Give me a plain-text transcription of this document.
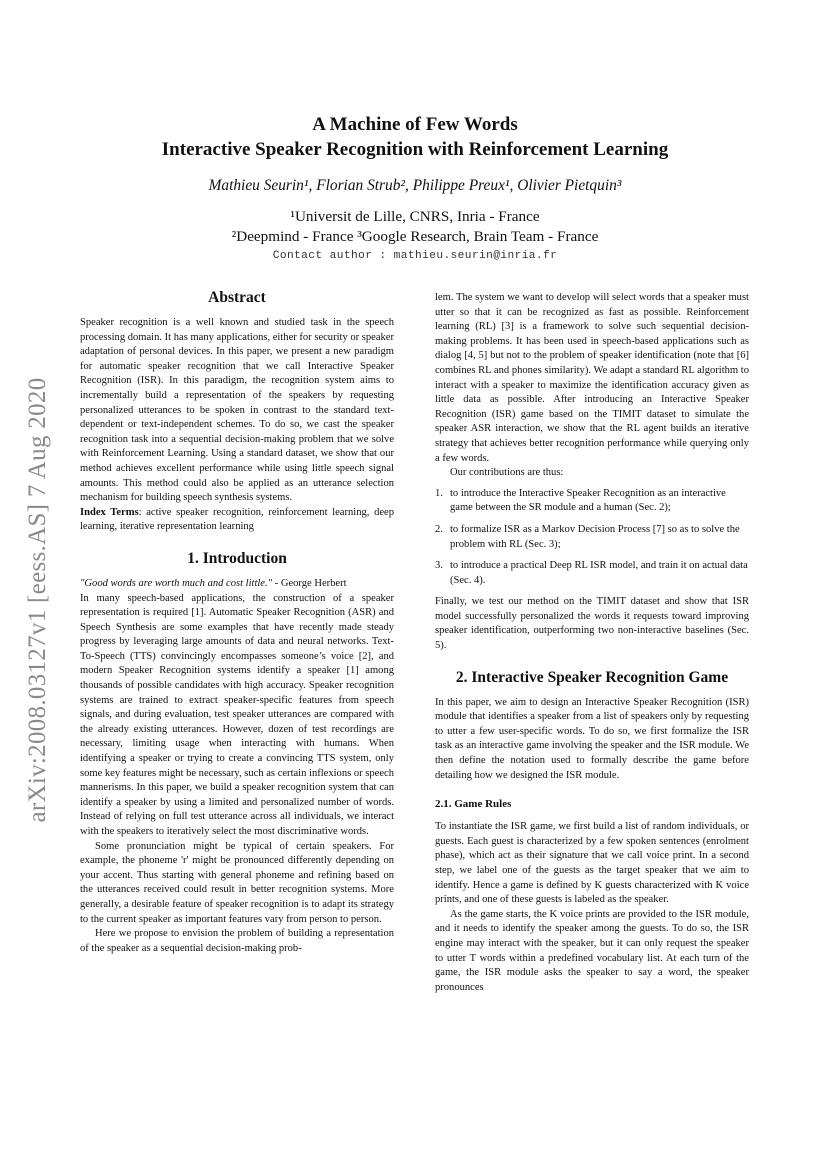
arXiv:2008.03127v1 [eess.AS] 7 Aug 2020
A Machine of Few Words
Interactive Speaker Recognition with Reinforcement Learning
Mathieu Seurin¹, Florian Strub², Philippe Preux¹, Olivier Pietquin³
¹Universit de Lille, CNRS, Inria - France
²Deepmind - France ³Google Research, Brain Team - France
Contact author : mathieu.seurin@inria.fr
Abstract

Speaker recognition is a well known and studied task in the speech processing domain. It has many applications, either for security or speaker adaptation of personal devices. In this paper, we present a new paradigm for automatic speaker recognition that we call Interactive Speaker Recognition (ISR). In this paradigm, the recognition system aims to incrementally build a representation of the speakers by requesting personalized utterances to be spoken in contrast to the standard text-dependent or text-independent schemes. To do so, we cast the speaker recognition task into a sequential decision-making problem that we solve with Reinforcement Learning. Using a standard dataset, we show that our method achieves excellent performance while using little speech signal amounts. This method could also be applied as an utterance selection mechanism for building speech synthesis systems.

Index Terms: active speaker recognition, reinforcement learning, deep learning, iterative representation learning

1. Introduction

"Good words are worth much and cost little." - George Herbert

In many speech-based applications, the construction of a speaker representation is required [1]. Automatic Speaker Recognition (ASR) and Speech Synthesis are some examples that have recently made steady progress by leveraging large amounts of data and neural networks. Text-To-Speech (TTS) convincingly encompasses someone’s voice [2], and modern Speaker Recognition systems identify a speaker [1] among thousands of possible candidates with high accuracy. Speaker recognition systems are trained to extract speaker-specific features from speech signals, and during evaluation, test speaker utterances are compared with the already existing utterances. However, dozen of test recordings are necessary, limiting usage when interacting with humans. When identifying a speaker or trying to create a convincing TTS system, only some key features might be necessary, such as certain inflexions or speech mannerisms. In this paper, we build a speaker recognition system that can identify a speaker by using a limited and personalized number of words. Instead of relying on full test utterance across all individuals, we interact with the speakers to iteratively select the most discriminative words.

Some pronunciation might be typical of certain speakers. For example, the phoneme 'r' might be pronounced differently depending on your accent. Thus starting with general phoneme and refining based on the utterances received could result in better recognition systems. More generally, a desirable feature of speaker recognition is to adapt its strategy to the current speaker as important features vary from person to person.

Here we propose to envision the problem of building a representation of the speaker as a sequential decision-making prob-

lem. The system we want to develop will select words that a speaker must utter so that it can be recognized as fast as possible. Reinforcement learning (RL) [3] is a framework to solve such sequential decision-making problems. It has been used in speech-based applications such as dialog [4, 5] but not to the problem of speaker identification (note that [6] combines RL and phones similarity). We adapt a standard RL algorithm to interact with a speaker to maximize the identification accuracy given as little data as possible. After introducing an Interactive Speaker Recognition (ISR) game based on the TIMIT dataset to simulate the speaker ASR interaction, we show that the RL agent builds an iterative strategy that achieves better recognition performance while querying only a few words.

Our contributions are thus:

1. to introduce the Interactive Speaker Recognition as an interactive game between the SR module and a human (Sec. 2);
2. to formalize ISR as a Markov Decision Process [7] so as to solve the problem with RL (Sec. 3);
3. to introduce a practical Deep RL ISR model, and train it on actual data (Sec. 4).

Finally, we test our method on the TIMIT dataset and show that ISR model successfully personalized the words it requests toward improving speaker identification, outperforming two non-interactive baselines (Sec. 5).

2. Interactive Speaker Recognition Game

In this paper, we aim to design an Interactive Speaker Recognition (ISR) module that identifies a speaker from a list of speakers only by requesting to utter a few user-specific words. To do so, we first formalize the ISR task as an interactive game involving the speaker and the ISR module. We then define the notation used to formally describe the game before detailing how we designed the ISR module.

2.1. Game Rules

To instantiate the ISR game, we first build a list of random individuals, or guests. Each guest is characterized by a few spoken sentences (enrolment phase), which act as their signature that we call voice print. In a second step, we label one of the guests as the target speaker that we aim to identify. Hence a game is defined by K guests characterized with K voice prints, and one of these guests is labeled as the speaker.

As the game starts, the K voice prints are provided to the ISR module, and it needs to identify the speaker among the guests. To do so, the ISR engine may interact with the speaker, but it can only request the speaker to utter T words within a predefined vocabulary list. At each turn of the game, the ISR module asks the speaker to say a word, the speaker pronounces
